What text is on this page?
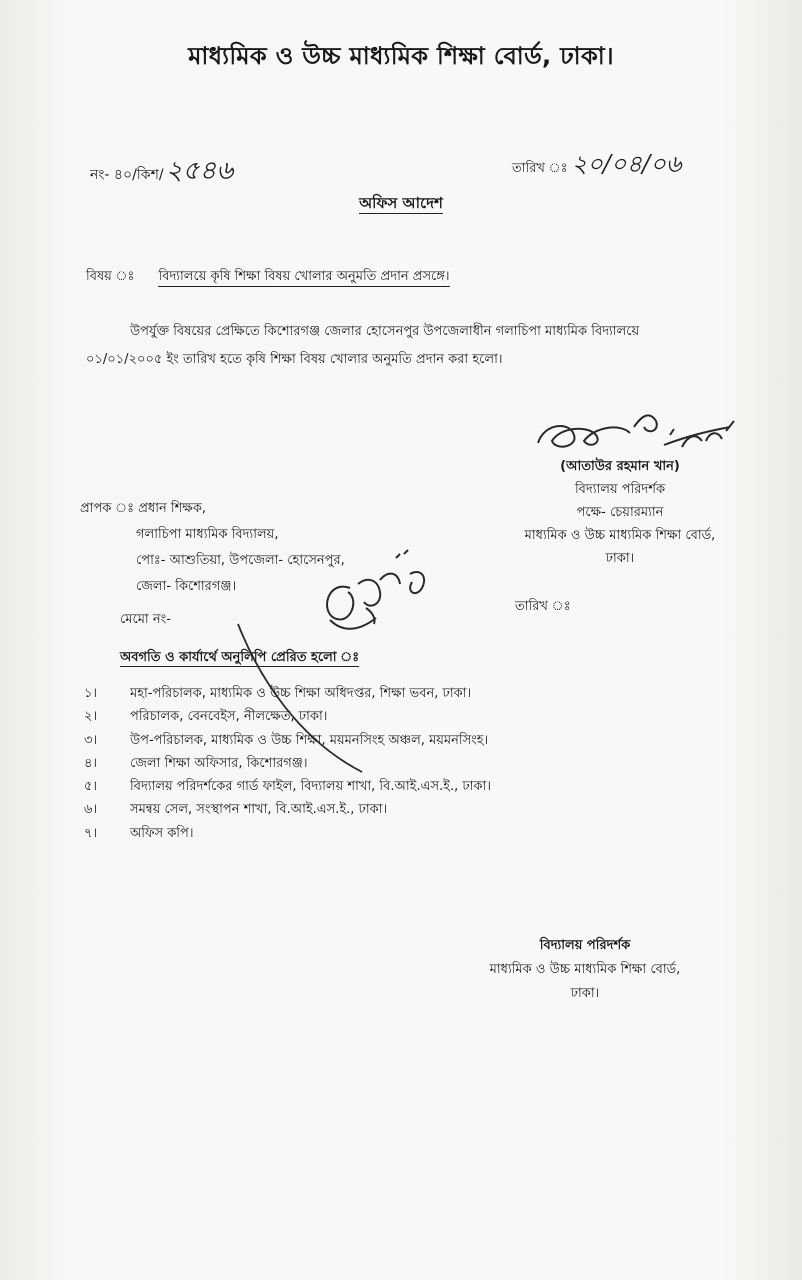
মাধ্যমিক ও উচ্চ মাধ্যমিক শিক্ষা বোর্ড, ঢাকা।
নং- ৪০/কিশ/২৫৪৬	তারিখ ঃ ২০/০৪/০৬
অফিস আদেশ
বিষয় ঃ বিদ্যালয়ে কৃষি শিক্ষা বিষয় খোলার অনুমতি প্রদান প্রসঙ্গে।
উপর্যুক্ত বিষয়ের প্রেক্ষিতে কিশোরগঞ্জ জেলার হোসেনপুর উপজেলাধীন গলাচিপা মাধ্যমিক বিদ্যালয়ে
০১/০১/২০০৫ ইং তারিখ হতে কৃষি শিক্ষা বিষয় খোলার অনুমতি প্রদান করা হলো।
(আতাউর রহমান খান)
বিদ্যালয় পরিদর্শক
পক্ষে- চেয়ারম্যান
মাধ্যমিক ও উচ্চ মাধ্যমিক শিক্ষা বোর্ড,
ঢাকা।
প্রাপক ঃ প্রধান শিক্ষক,
গলাচিপা মাধ্যমিক বিদ্যালয়,
পোঃ- আশুতিয়া, উপজেলা- হোসেনপুর,
জেলা- কিশোরগঞ্জ।
মেমো নং-
তারিখ ঃ
অবগতি ও কার্যার্থে অনুলিপি প্রেরিত হলো ঃ
১।	মহা-পরিচালক, মাধ্যমিক ও উচ্চ শিক্ষা অধিদপ্তর, শিক্ষা ভবন, ঢাকা।
২।	পরিচালক, বেনবেইস, নীলক্ষেত, ঢাকা।
৩।	উপ-পরিচালক, মাধ্যমিক ও উচ্চ শিক্ষা, ময়মনসিংহ অঞ্চল, ময়মনসিংহ।
৪।	জেলা শিক্ষা অফিসার, কিশোরগঞ্জ।
৫।	বিদ্যালয় পরিদর্শকের গার্ড ফাইল, বিদ্যালয় শাখা, বি.আই.এস.ই., ঢাকা।
৬।	সমন্বয় সেল, সংস্থাপন শাখা, বি.আই.এস.ই., ঢাকা।
৭।	অফিস কপি।
বিদ্যালয় পরিদর্শক
মাধ্যমিক ও উচ্চ মাধ্যমিক শিক্ষা বোর্ড,
ঢাকা।
